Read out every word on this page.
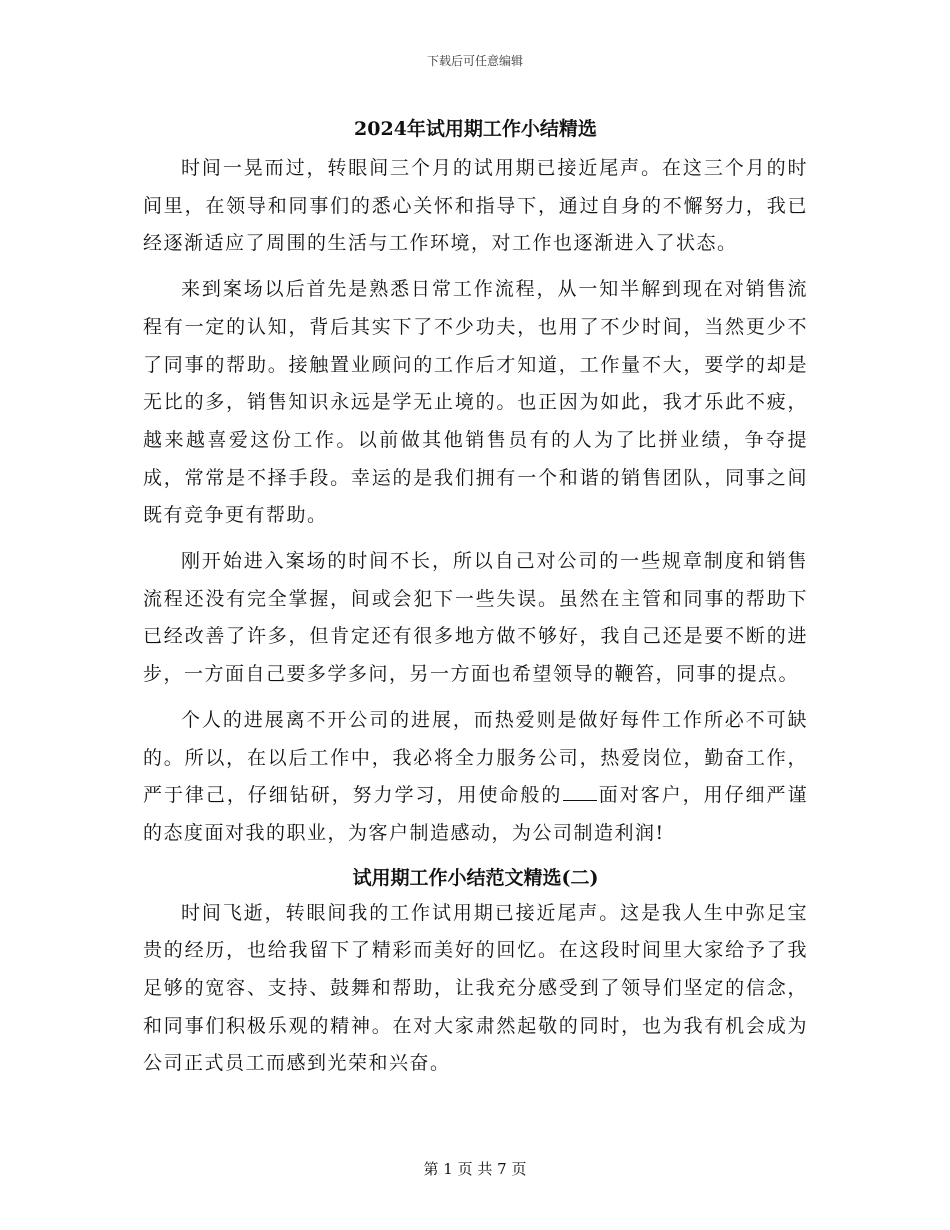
下载后可任意编辑
2024年试用期工作小结精选

时间一晃而过，转眼间三个月的试用期已接近尾声。在这三个月的时间里，在领导和同事们的悉心关怀和指导下，通过自身的不懈努力，我已经逐渐适应了周围的生活与工作环境，对工作也逐渐进入了状态。

来到案场以后首先是熟悉日常工作流程，从一知半解到现在对销售流程有一定的认知，背后其实下了不少功夫，也用了不少时间，当然更少不了同事的帮助。接触置业顾问的工作后才知道，工作量不大，要学的却是无比的多，销售知识永远是学无止境的。也正因为如此，我才乐此不疲，越来越喜爱这份工作。以前做其他销售员有的人为了比拼业绩，争夺提成，常常是不择手段。幸运的是我们拥有一个和谐的销售团队，同事之间既有竞争更有帮助。

刚开始进入案场的时间不长，所以自己对公司的一些规章制度和销售流程还没有完全掌握，间或会犯下一些失误。虽然在主管和同事的帮助下已经改善了许多，但肯定还有很多地方做不够好，我自己还是要不断的进步，一方面自己要多学多问，另一方面也希望领导的鞭笞，同事的提点。

个人的进展离不开公司的进展，而热爱则是做好每件工作所必不可缺的。所以，在以后工作中，我必将全力服务公司，热爱岗位，勤奋工作，严于律己，仔细钻研，努力学习，用使命般的 面对客户，用仔细严谨的态度面对我的职业，为客户制造感动，为公司制造利润!

试用期工作小结范文精选(二)

时间飞逝，转眼间我的工作试用期已接近尾声。这是我人生中弥足宝贵的经历，也给我留下了精彩而美好的回忆。在这段时间里大家给予了我足够的宽容、支持、鼓舞和帮助，让我充分感受到了领导们坚定的信念，和同事们积极乐观的精神。在对大家肃然起敬的同时，也为我有机会成为公司正式员工而感到光荣和兴奋。

第 1 页 共 7 页
